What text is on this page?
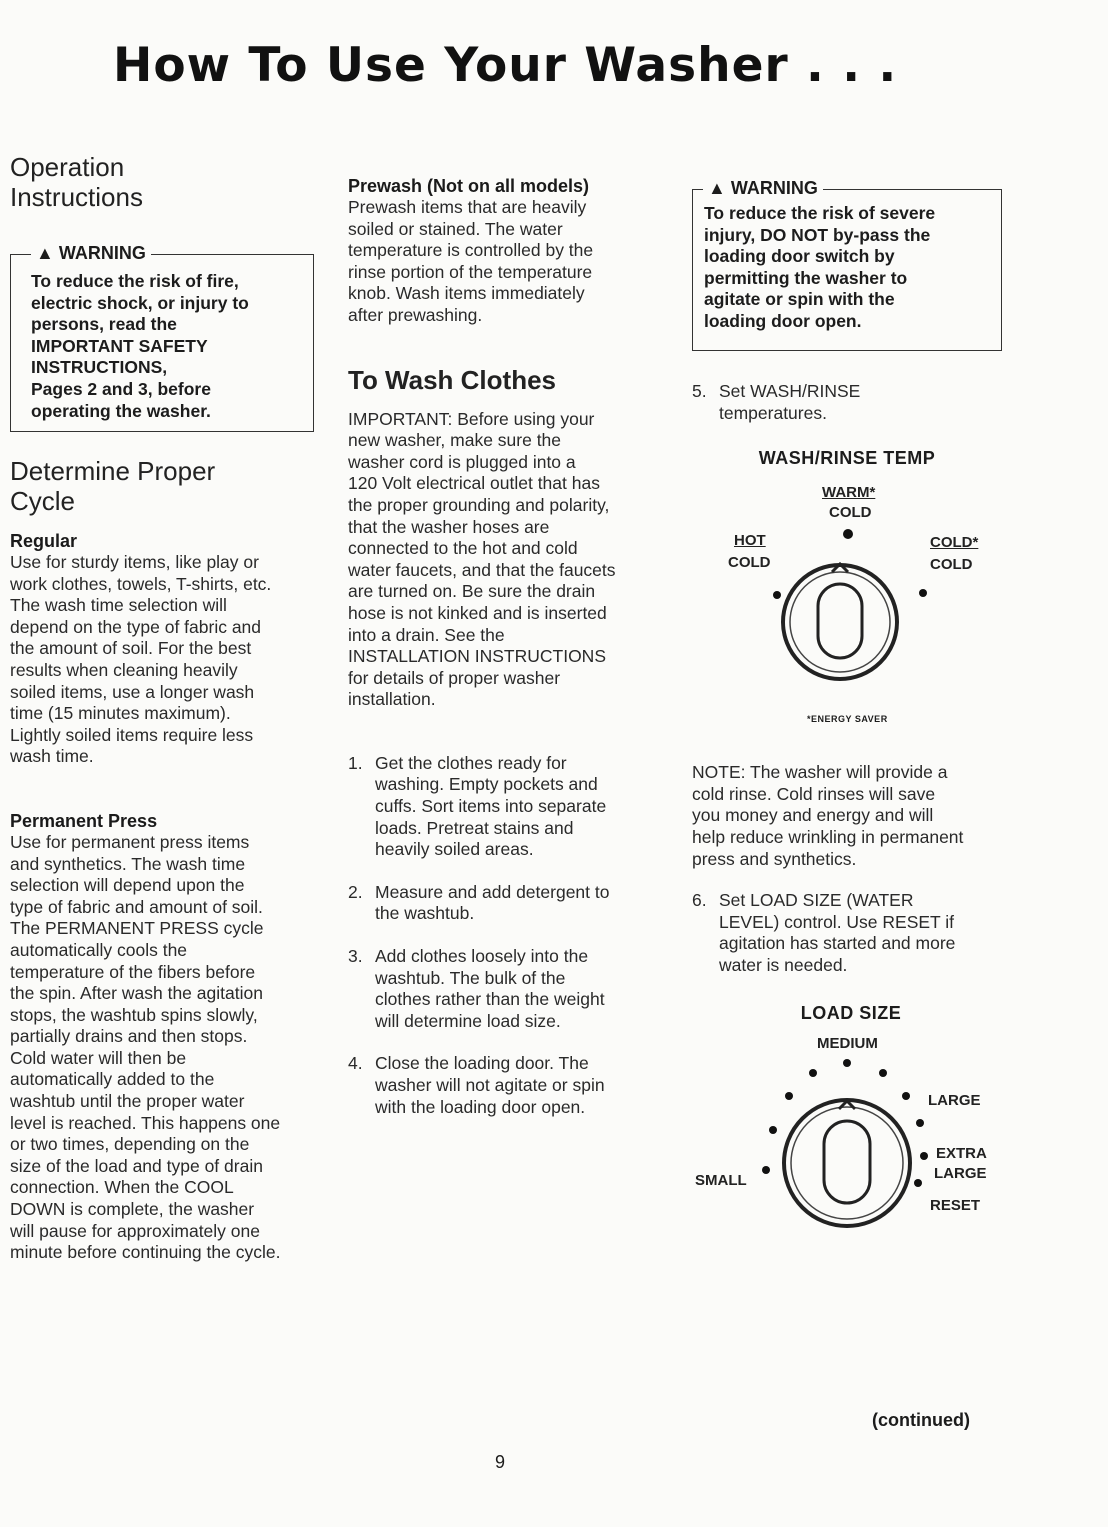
How To Use Your Washer . . .
Operation
Instructions
▲ WARNING
To reduce the risk of fire,
electric shock, or injury to
persons, read the
IMPORTANT SAFETY
INSTRUCTIONS,
Pages 2 and 3, before
operating the washer.
Determine Proper
Cycle
Regular
Use for sturdy items, like play or
work clothes, towels, T-shirts, etc.
The wash time selection will
depend on the type of fabric and
the amount of soil. For the best
results when cleaning heavily
soiled items, use a longer wash
time (15 minutes maximum).
Lightly soiled items require less
wash time.
Permanent Press
Use for permanent press items
and synthetics. The wash time
selection will depend upon the
type of fabric and amount of soil.
The PERMANENT PRESS cycle
automatically cools the
temperature of the fibers before
the spin. After wash the agitation
stops, the washtub spins slowly,
partially drains and then stops.
Cold water will then be
automatically added to the
washtub until the proper water
level is reached. This happens one
or two times, depending on the
size of the load and type of drain
connection. When the COOL
DOWN is complete, the washer
will pause for approximately one
minute before continuing the cycle.
Prewash (Not on all models)
Prewash items that are heavily
soiled or stained. The water
temperature is controlled by the
rinse portion of the temperature
knob. Wash items immediately
after prewashing.
To Wash Clothes
IMPORTANT: Before using your
new washer, make sure the
washer cord is plugged into a
120 Volt electrical outlet that has
the proper grounding and polarity,
that the washer hoses are
connected to the hot and cold
water faucets, and that the faucets
are turned on. Be sure the drain
hose is not kinked and is inserted
into a drain. See the
INSTALLATION INSTRUCTIONS
for details of proper washer
installation.
1. Get the clothes ready for
washing. Empty pockets and
cuffs. Sort items into separate
loads. Pretreat stains and
heavily soiled areas.
2. Measure and add detergent to
the washtub.
3. Add clothes loosely into the
washtub. The bulk of the
clothes rather than the weight
will determine load size.
4. Close the loading door. The
washer will not agitate or spin
with the loading door open.
▲ WARNING
To reduce the risk of severe
injury, DO NOT by-pass the
loading door switch by
permitting the washer to
agitate or spin with the
loading door open.
5. Set WASH/RINSE
temperatures.
WASH/RINSE TEMP
WARM*
COLD
HOT
COLD
COLD*
COLD
*ENERGY SAVER
NOTE: The washer will provide a
cold rinse. Cold rinses will save
you money and energy and will
help reduce wrinkling in permanent
press and synthetics.
6. Set LOAD SIZE (WATER
LEVEL) control. Use RESET if
agitation has started and more
water is needed.
LOAD SIZE
MEDIUM
LARGE
EXTRA
LARGE
RESET
SMALL
(continued)
9
